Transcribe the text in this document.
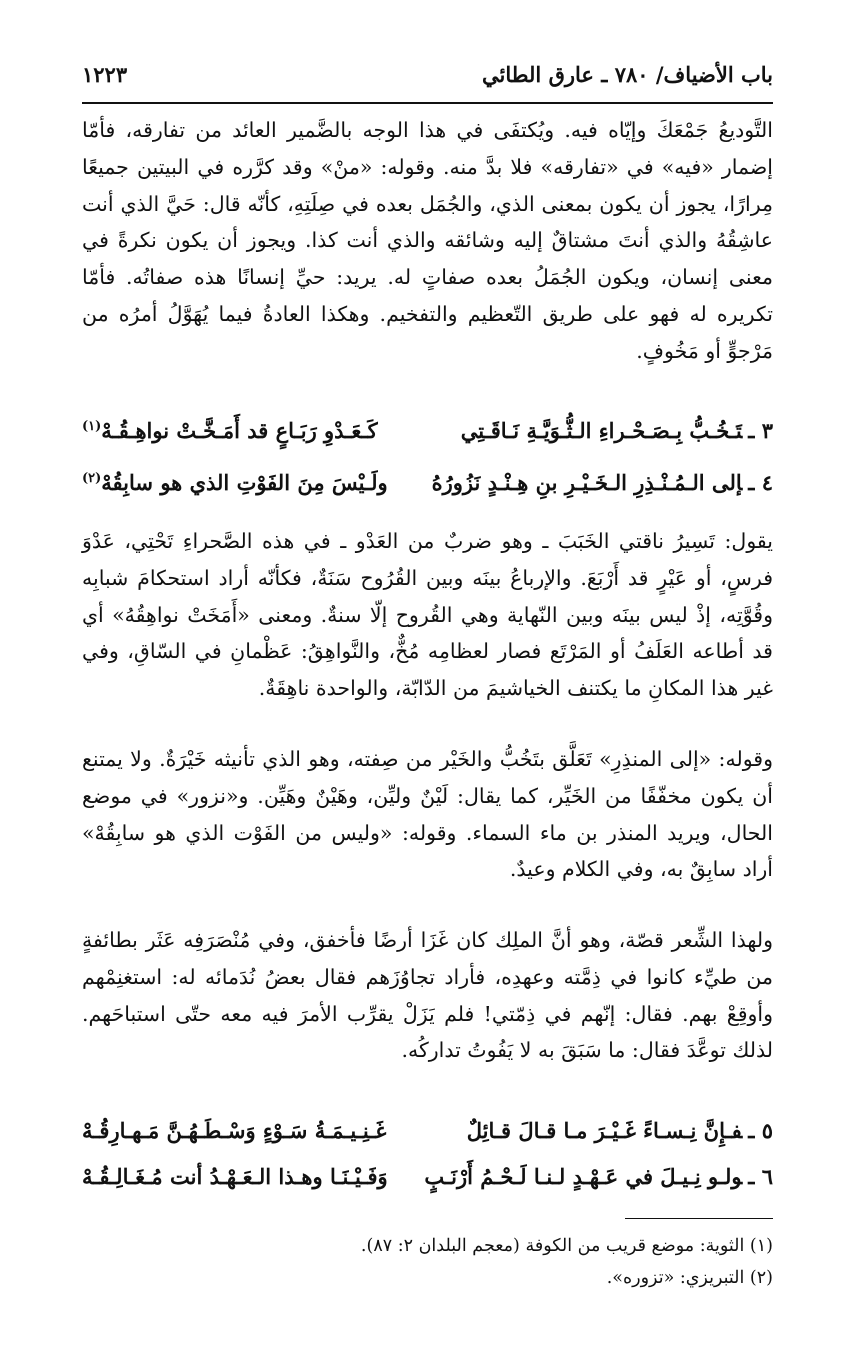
باب الأضياف/ ٧٨٠ ـ عارق الطائي
١٢٢٣

التَّوديعُ جَمْعَكَ وإيّاه فيه. ويُكتفَى في هذا الوجه بالضَّمير العائد من تفارقه، فأمّا إضمار «فيه» في «تفارقه» فلا بدَّ منه. وقوله: «منْ» وقد كرَّره في البيتين جميعًا مِرارًا، يجوز أن يكون بمعنى الذي، والجُمَل بعده في صِلَتِهِ، كأنّه قال: حَيَّ الذي أنت عاشِقُهُ والذي أنتَ مشتاقٌ إليه وشائقه والذي أنت كذا. ويجوز أن يكون نكرةً في معنى إنسان، ويكون الجُمَلُ بعده صفاتٍ له. يريد: حيِّ إنسانًا هذه صفاتُه. فأمّا تكريره له فهو على طريق التّعظيم والتفخيم. وهكذا العادةُ فيما يُهَوَّلُ أمرُه من مَرْجوٍّ أو مَخُوفٍ.

٣ ـتَـخُـبُّ بِـصَـحْـراءِ الـثُّـوَيَّـةِ نَـاقَـتِي
كَـعَـدْوِ رَبَـاعٍ قد أَمَـخَّـتْ نواهِـقُـهْ$^{(١)}$
٤ ـإلى الـمُـنْـذِرِ الـخَـيْـرِ بنِ هِـنْـدٍ نَزُورُهُ
ولَـيْسَ مِنَ الفَوْتِ الذي هو سابِقُهْ$^{(٢)}$

يقول: تَسِيرُ ناقتي الخَبَبَ ـ وهو ضربٌ من العَدْو ـ في هذه الصَّحراءِ تَحْتِي، عَدْوَ فرسٍ، أو عَيْرٍ قد أَرْبَعَ. والإرباعُ بينَه وبين القُرُوح سَنَةٌ، فكأنّه أراد استحكامَ شبابِه وقُوَّتِه، إذْ ليس بينَه وبين النّهاية وهي القُروح إلّا سنةٌ. ومعنى «أَمَخَتْ نواهِقُهُ» أي قد أطاعه العَلَفُ أو المَرْتَع فصار لعظامِه مُخٌّ، والنَّواهِقُ: عَظْمانِ في السّاقِ، وفي غير هذا المكانِ ما يكتنف الخياشيمَ من الدّابّة، والواحدة ناهِقَةٌ.

وقوله: «إلى المنذِرِ» تَعَلَّق بتَخُبُّ والخَيْر من صِفته، وهو الذي تأنيثه خَيْرَةٌ. ولا يمتنع أن يكون مخفّفًا من الخَيِّر، كما يقال: لَيْنٌ وليِّن، وهَيْنٌ وهَيِّن. و«نزور» في موضع الحال، ويريد المنذر بن ماء السماء. وقوله: «وليس من الفَوْت الذي هو سابِقُهْ» أراد سابِقٌ به، وفي الكلام وعيدٌ.

ولهذا الشِّعر قصّة، وهو أنَّ الملِك كان غَزَا أرضًا فأخفق، وفي مُنْصَرَفِه عَثَر بطائفةٍ من طيِّء كانوا في ذِمَّته وعهدِه، فأراد تجاوُزَهم فقال بعضُ نُدَمائه له: استغنِمْهم وأوقِعْ بهم. فقال: إنّهم في ذِمّتي! فلم يَزَلْ يقرِّب الأمرَ فيه معه حتّى استباحَهم. لذلك توعَّدَ فقال: ما سَبَقَ به لا يَفُوتُ تداركُه.

٥ ـفـإِنَّ نِـسـاءً غَـيْـرَ مـا قـالَ قـائِلٌ
غَـنِـيـمَـةُ سَـوْءٍ وَسْـطَـهُـنَّ مَـهـارِقُـهْ
٦ ـولـو نِـيـلَ في عَـهْـدٍ لـنـا لَـحْـمُ أَرْنَـبٍ
وَفَـيْـنَـا وهـذا الـعَـهْـدُ أنت مُـغَـالِـقُـهْ
(١) الثوية: موضع قريب من الكوفة (معجم البلدان ٢: ٨٧).
(٢) التبريزي: «تزوره».
